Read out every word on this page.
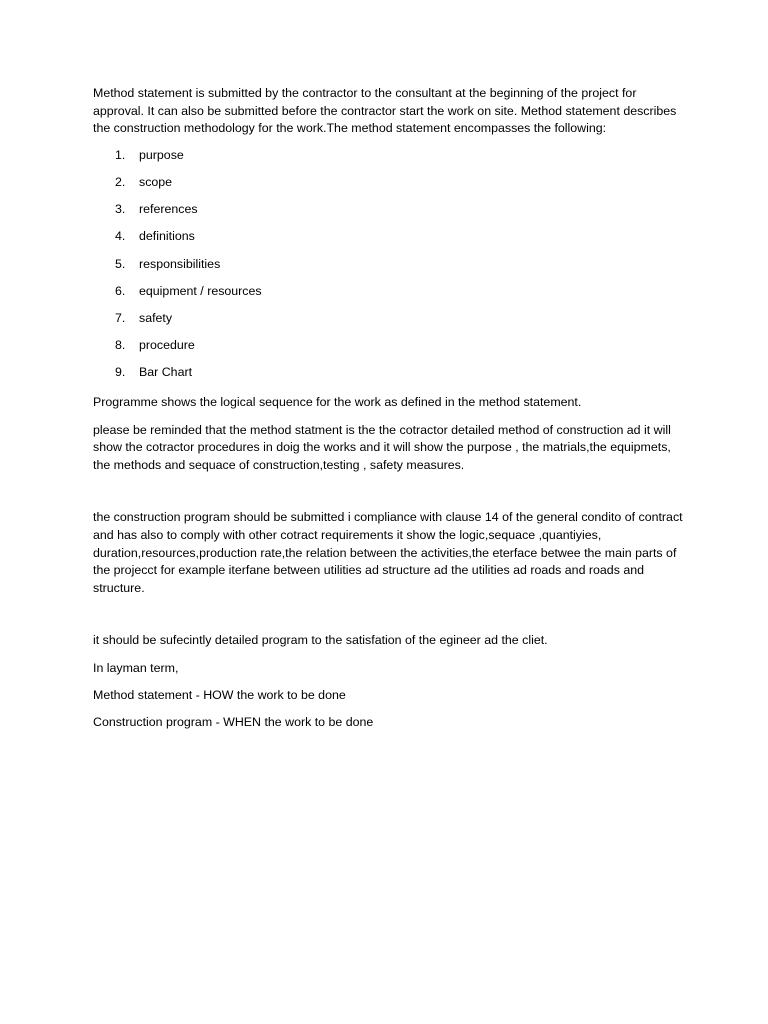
Method statement is submitted by the contractor to the consultant at the beginning of the project for approval. It can also be submitted before the contractor start the work on site. Method statement describes the construction methodology for the work.The method statement encompasses the following:

1. purpose
2. scope
3. references
4. definitions
5. responsibilities
6. equipment / resources
7. safety
8. procedure
9. Bar Chart

Programme shows the logical sequence for the work as defined in the method statement.

please be reminded that the method statment is the the cotractor detailed method of construction ad it will show the cotractor procedures in doig the works and it will show the purpose , the matrials,the equipmets, the methods and sequace of construction,testing , safety measures.

the construction program should be submitted i compliance with clause 14 of the general condito of contract and has also to comply with other cotract requirements it show the logic,sequace ,quantiyies, duration,resources,production rate,the relation between the activities,the eterface betwee the main parts of the projecct for example iterfane between utilities ad structure ad the utilities ad roads and roads and structure.

it should be sufecintly detailed program to the satisfation of the egineer ad the cliet.

In layman term,

Method statement - HOW the work to be done

Construction program - WHEN the work to be done
